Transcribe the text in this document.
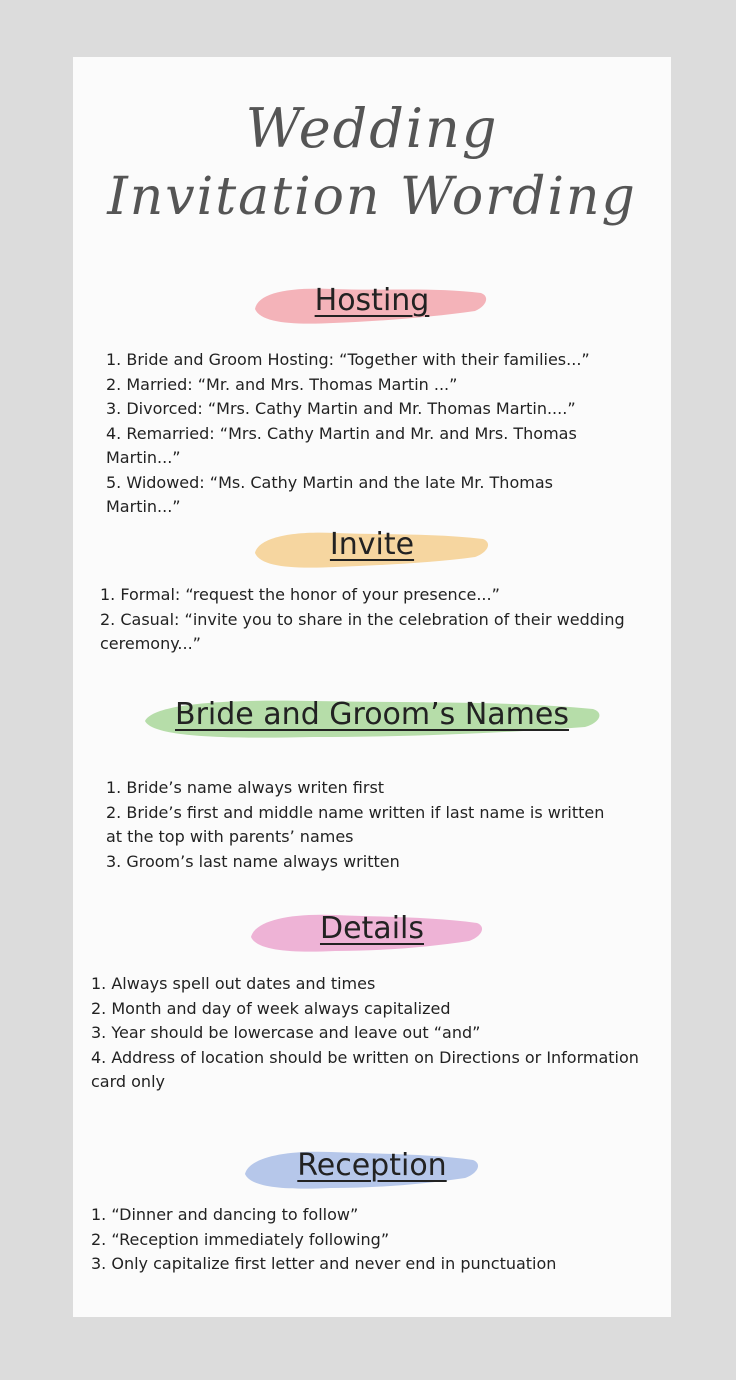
Wedding
Invitation Wording
Hosting
1. Bride and Groom Hosting: “Together with their families...”
2. Married: “Mr. and Mrs. Thomas Martin ...”
3. Divorced: “Mrs. Cathy Martin and Mr. Thomas Martin....”
4. Remarried: “Mrs. Cathy Martin and Mr. and Mrs. Thomas Martin...”
5. Widowed: “Ms. Cathy Martin and the late Mr. Thomas Martin...”
Invite
1. Formal: “request the honor of your presence...”
2. Casual: “invite you to share in the celebration of their wedding ceremony...”
Bride and Groom’s Names
1. Bride’s name always writen first
2. Bride’s first and middle name written if last name is written at the top with parents’ names
3. Groom’s last name always written
Details
1. Always spell out dates and times
2. Month and day of week always capitalized
3. Year should be lowercase and leave out “and”
4. Address of location should be written on Directions or Information card only
Reception
1. “Dinner and dancing to follow”
2. “Reception immediately following”
3. Only capitalize first letter and never end in punctuation
